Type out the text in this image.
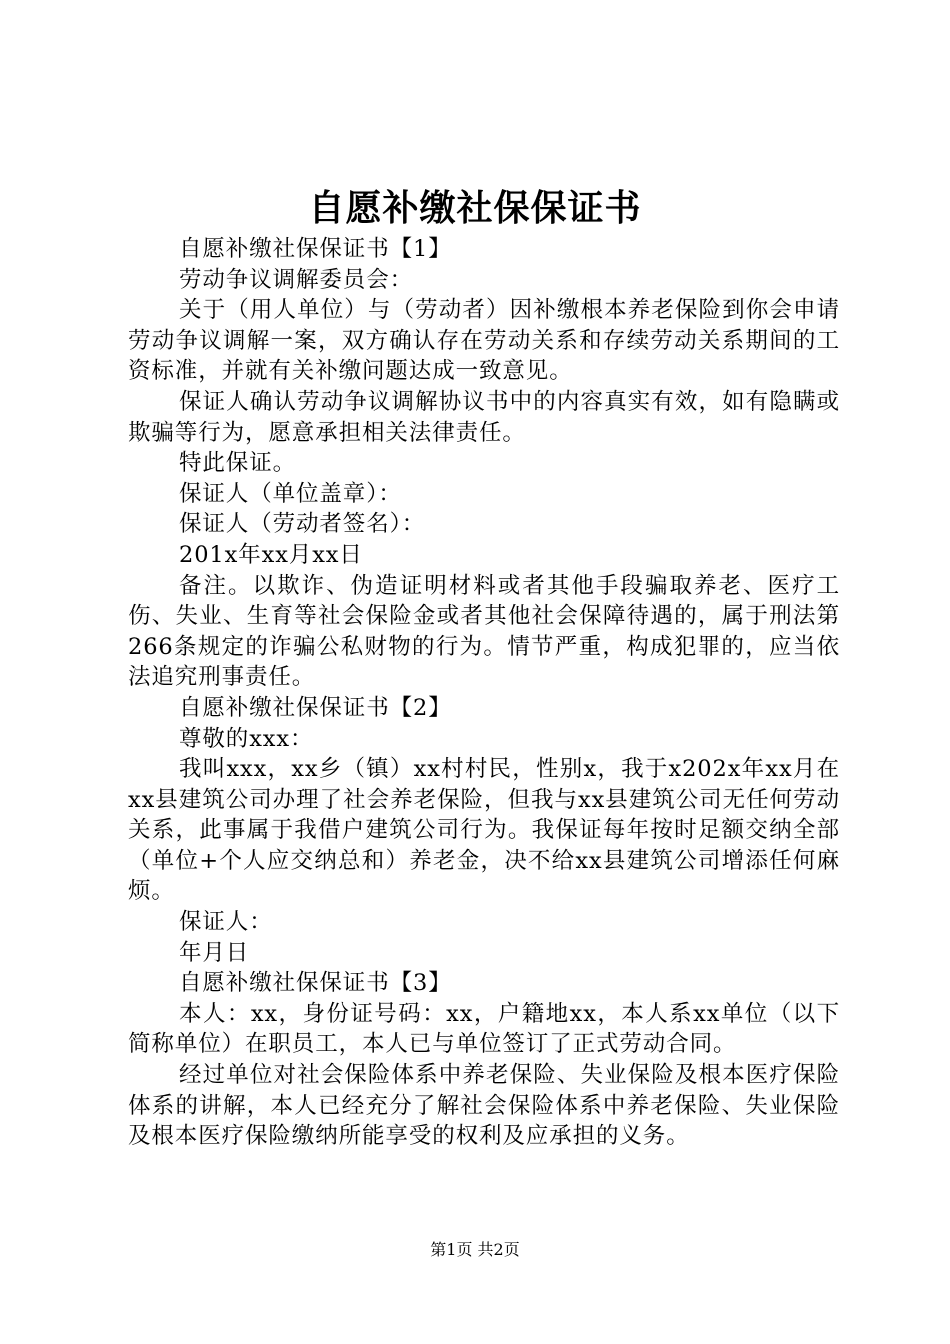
自愿补缴社保保证书

自愿补缴社保保证书【1】

劳动争议调解委员会：

关于（用人单位）与（劳动者）因补缴根本养老保险到你会申请劳动争议调解一案，双方确认存在劳动关系和存续劳动关系期间的工资标准，并就有关补缴问题达成一致意见。

保证人确认劳动争议调解协议书中的内容真实有效，如有隐瞒或欺骗等行为，愿意承担相关法律责任。

特此保证。

保证人（单位盖章）：

保证人（劳动者签名）：

201x年xx月xx日

备注。以欺诈、伪造证明材料或者其他手段骗取养老、医疗工伤、失业、生育等社会保险金或者其他社会保障待遇的，属于刑法第266条规定的诈骗公私财物的行为。情节严重，构成犯罪的，应当依法追究刑事责任。

自愿补缴社保保证书【2】

尊敬的xxx：

我叫xxx，xx乡（镇）xx村村民，性别x，我于x202x年xx月在xx县建筑公司办理了社会养老保险，但我与xx县建筑公司无任何劳动关系，此事属于我借户建筑公司行为。我保证每年按时足额交纳全部（单位+个人应交纳总和）养老金，决不给xx县建筑公司增添任何麻烦。

保证人：

年月日

自愿补缴社保保证书【3】

本人：xx，身份证号码：xx，户籍地xx，本人系xx单位（以下简称单位）在职员工，本人已与单位签订了正式劳动合同。

经过单位对社会保险体系中养老保险、失业保险及根本医疗保险体系的讲解，本人已经充分了解社会保险体系中养老保险、失业保险及根本医疗保险缴纳所能享受的权利及应承担的义务。

第1页 共2页
